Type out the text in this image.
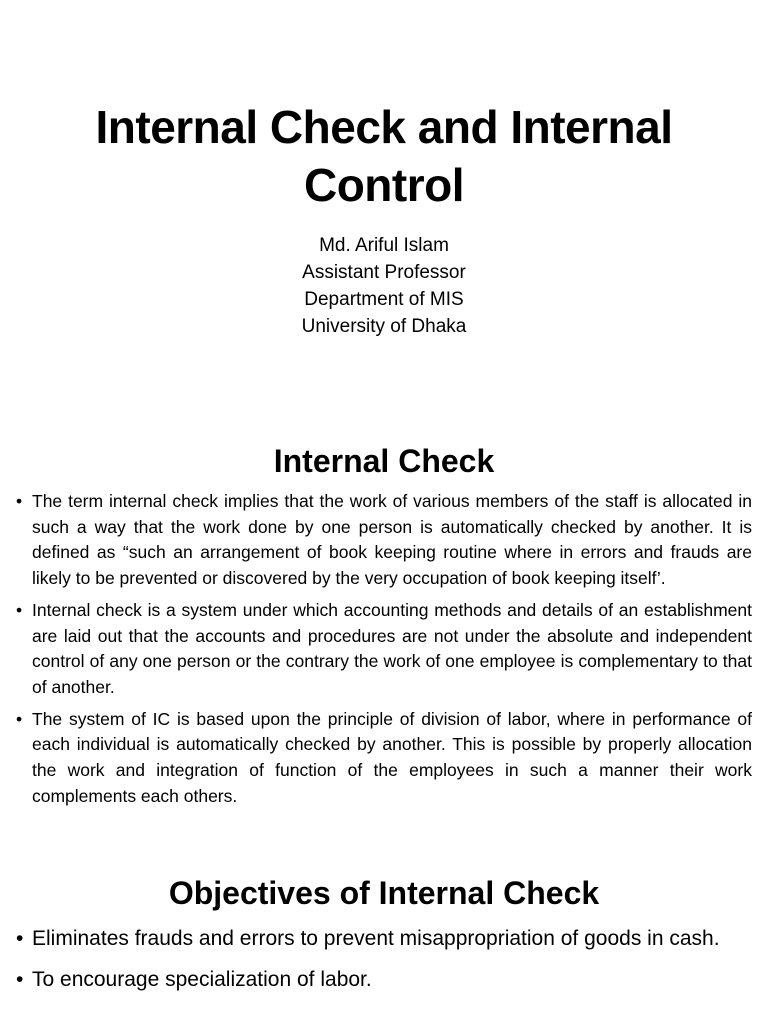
Internal Check and Internal Control
Md. Ariful Islam
Assistant Professor
Department of MIS
University of Dhaka
Internal Check
• The term internal check implies that the work of various members of the staff is allocated in such a way that the work done by one person is automatically checked by another. It is defined as “such an arrangement of book keeping routine where in errors and frauds are likely to be prevented or discovered by the very occupation of book keeping itself’.
• Internal check is a system under which accounting methods and details of an establishment are laid out that the accounts and procedures are not under the absolute and independent control of any one person or the contrary the work of one employee is complementary to that of another.
• The system of IC is based upon the principle of division of labor, where in performance of each individual is automatically checked by another. This is possible by properly allocation the work and integration of function of the employees in such a manner their work complements each others.
Objectives of Internal Check
• Eliminates frauds and errors to prevent misappropriation of goods in cash.
• To encourage specialization of labor.
